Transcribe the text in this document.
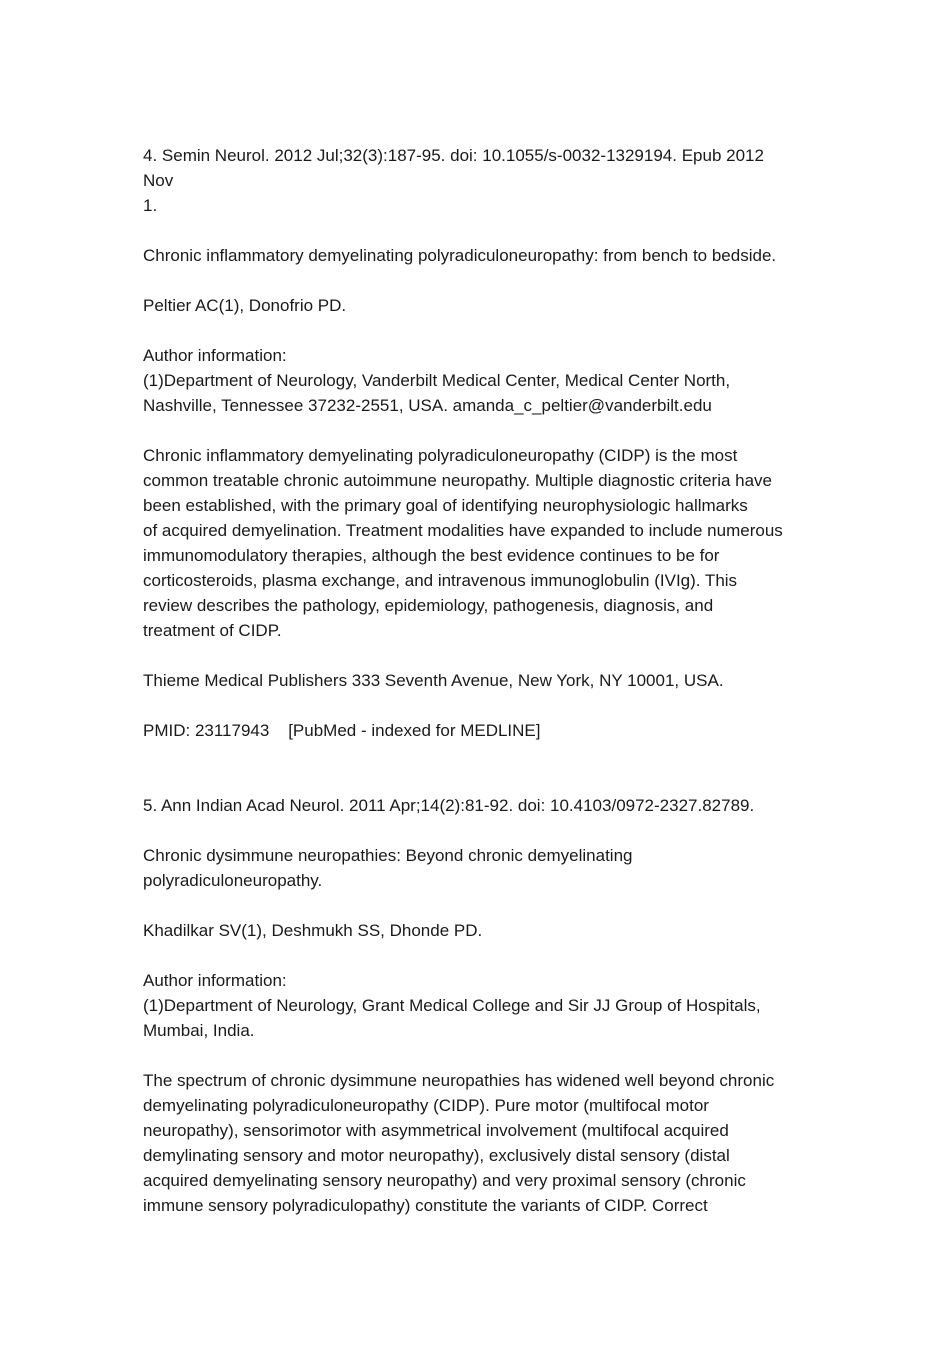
4. Semin Neurol. 2012 Jul;32(3):187-95. doi: 10.1055/s-0032-1329194. Epub 2012
Nov
1.
Chronic inflammatory demyelinating polyradiculoneuropathy: from bench to bedside.
Peltier AC(1), Donofrio PD.
Author information:
(1)Department of Neurology, Vanderbilt Medical Center, Medical Center North,
Nashville, Tennessee 37232-2551, USA. amanda_c_peltier@vanderbilt.edu
Chronic inflammatory demyelinating polyradiculoneuropathy (CIDP) is the most
common treatable chronic autoimmune neuropathy. Multiple diagnostic criteria have
been established, with the primary goal of identifying neurophysiologic hallmarks
of acquired demyelination. Treatment modalities have expanded to include numerous
immunomodulatory therapies, although the best evidence continues to be for
corticosteroids, plasma exchange, and intravenous immunoglobulin (IVIg). This
review describes the pathology, epidemiology, pathogenesis, diagnosis, and
treatment of CIDP.
Thieme Medical Publishers 333 Seventh Avenue, New York, NY 10001, USA.
PMID: 23117943    [PubMed - indexed for MEDLINE]
5. Ann Indian Acad Neurol. 2011 Apr;14(2):81-92. doi: 10.4103/0972-2327.82789.
Chronic dysimmune neuropathies: Beyond chronic demyelinating
polyradiculoneuropathy.
Khadilkar SV(1), Deshmukh SS, Dhonde PD.
Author information:
(1)Department of Neurology, Grant Medical College and Sir JJ Group of Hospitals,
Mumbai, India.
The spectrum of chronic dysimmune neuropathies has widened well beyond chronic
demyelinating polyradiculoneuropathy (CIDP). Pure motor (multifocal motor
neuropathy), sensorimotor with asymmetrical involvement (multifocal acquired
demylinating sensory and motor neuropathy), exclusively distal sensory (distal
acquired demyelinating sensory neuropathy) and very proximal sensory (chronic
immune sensory polyradiculopathy) constitute the variants of CIDP. Correct
